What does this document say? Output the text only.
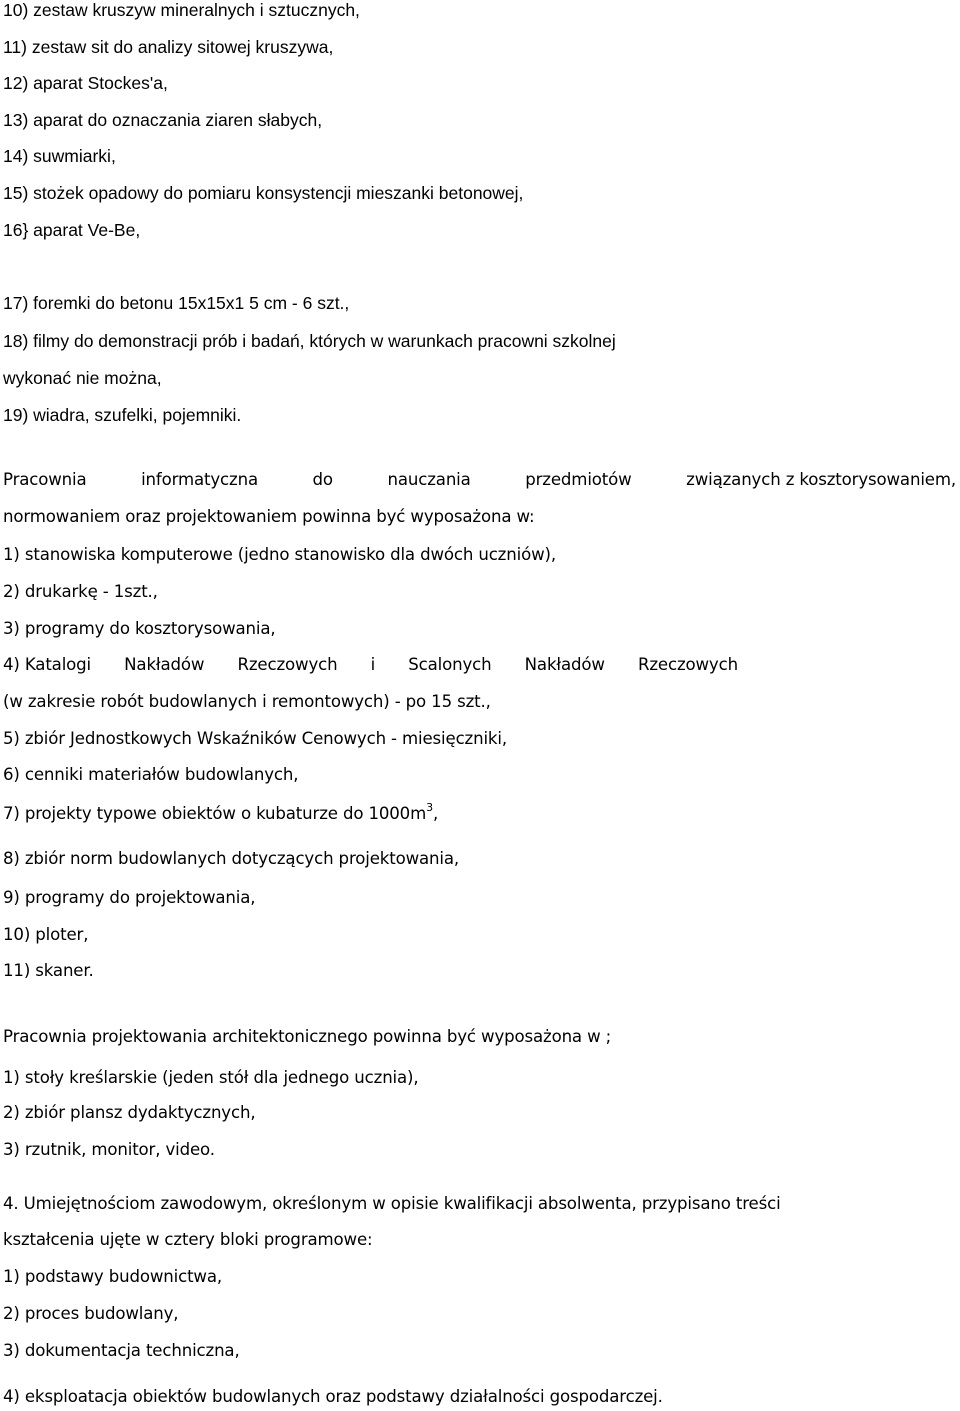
10) zestaw kruszyw mineralnych i sztucznych,
11) zestaw sit do analizy sitowej kruszywa,
12) aparat Stockes'a,
13) aparat do oznaczania ziaren słabych,
14) suwmiarki,
15) stożek opadowy do pomiaru konsystencji mieszanki betonowej,
16} aparat Ve-Be,
17) foremki do betonu 15x15x1 5 cm - 6 szt.,
18) filmy do demonstracji prób i badań, których w warunkach pracowni szkolnej
wykonać nie można,
19) wiadra, szufelki, pojemniki.
Pracownia	informatyczna	do	nauczania	przedmiotów	związanych z kosztorysowaniem,
normowaniem oraz projektowaniem powinna być wyposażona w:
1) stanowiska komputerowe (jedno stanowisko dla dwóch uczniów),
2) drukarkę - 1szt.,
3) programy do kosztorysowania,
4) Katalogi Nakładów Rzeczowych i Scalonych Nakładów Rzeczowych
(w zakresie robót budowlanych i remontowych) - po 15 szt.,
5) zbiór Jednostkowych Wskaźników Cenowych - miesięczniki,
6) cenniki materiałów budowlanych,
7) projekty typowe obiektów o kubaturze do $1000m^3$,
8) zbiór norm budowlanych dotyczących projektowania,
9) programy do projektowania,
10) ploter,
11) skaner.
Pracownia projektowania architektonicznego powinna być wyposażona w ;
1) stoły kreślarskie (jeden stół dla jednego ucznia),
2) zbiór plansz dydaktycznych,
3) rzutnik, monitor, video.
4. Umiejętnościom zawodowym, określonym w opisie kwalifikacji absolwenta, przypisano treści
kształcenia ujęte w cztery bloki programowe:
1) podstawy budownictwa,
2) proces budowlany,
3) dokumentacja techniczna,
4) eksploatacja obiektów budowlanych oraz podstawy działalności gospodarczej.
